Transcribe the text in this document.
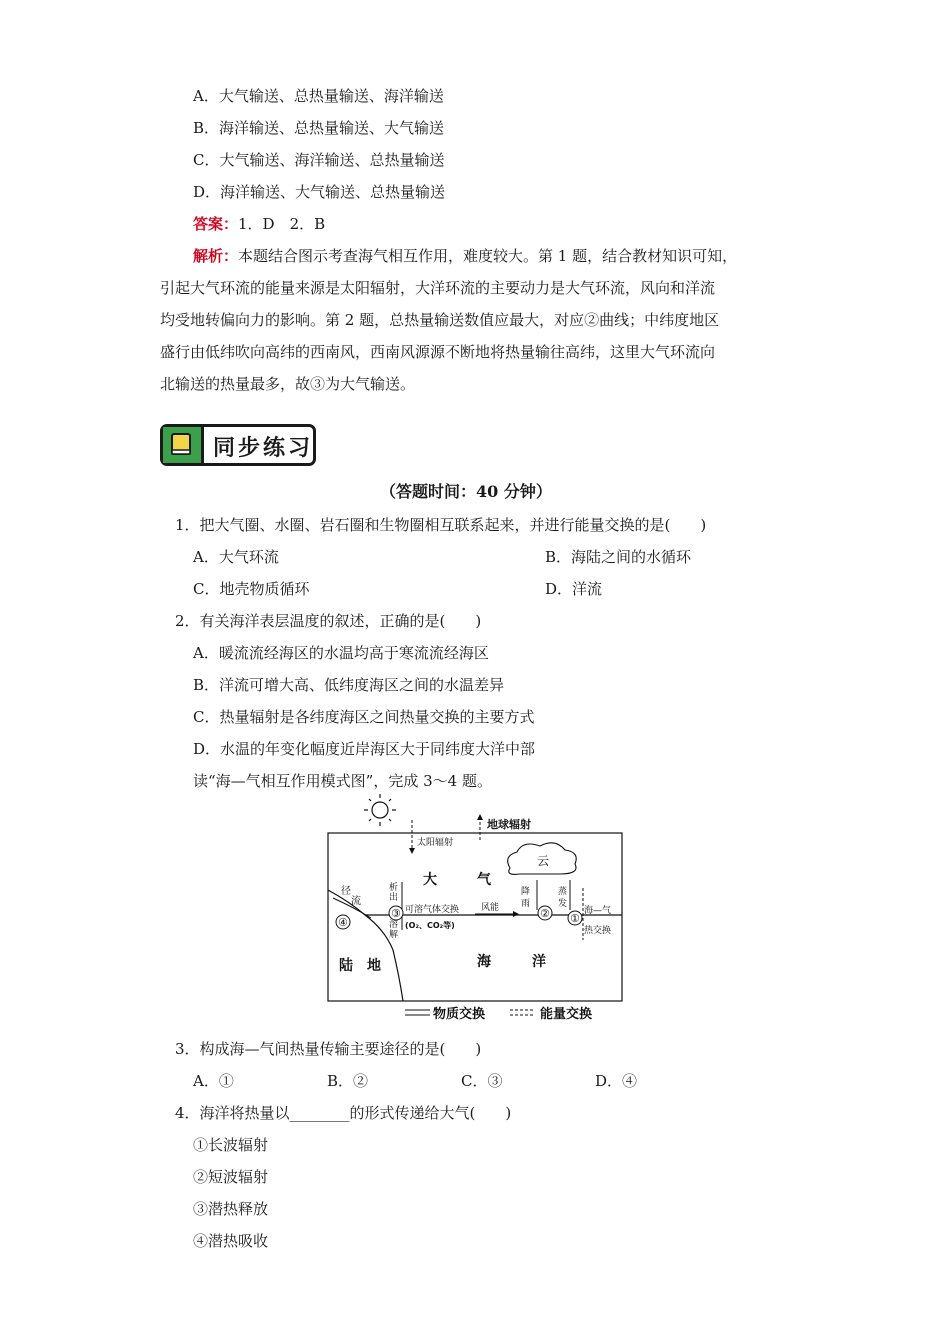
A．大气输送、总热量输送、海洋输送
B．海洋输送、总热量输送、大气输送
C．大气输送、海洋输送、总热量输送
D．海洋输送、大气输送、总热量输送
答案：1．D　2．B
解析：本题结合图示考查海气相互作用，难度较大。第 1 题，结合教材知识可知，
引起大气环流的能量来源是太阳辐射，大洋环流的主要动力是大气环流，风向和洋流
均受地转偏向力的影响。第 2 题，总热量输送数值应最大，对应②曲线；中纬度地区
盛行由低纬吹向高纬的西南风，西南风源源不断地将热量输往高纬，这里大气环流向
北输送的热量最多，故③为大气输送。
同步练习
（答题时间：40 分钟）
1．把大气圈、水圈、岩石圈和生物圈相互联系起来，并进行能量交换的是(　　)
A．大气环流	B．海陆之间的水循环
C．地壳物质循环	D．洋流
2．有关海洋表层温度的叙述，正确的是(　　)
A．暖流流经海区的水温均高于寒流流经海区
B．洋流可增大高、低纬度海区之间的水温差异
C．热量辐射是各纬度海区之间热量交换的主要方式
D．水温的年变化幅度近岸海区大于同纬度大洋中部
读“海—气相互作用模式图”，完成 3～4 题。
太阳辐射
地球辐射
云
大	气
径
流
④
析
出
溶
解
③ 可溶气体交换
(O₂、CO₂等)
风能
降
雨
②
蒸
发
①
海—气
热交换
海	洋
陆 地
物质交换	能量交换
3．构成海—气间热量传输主要途径的是(　　)
A．①	B．②	C．③	D．④
4．海洋将热量以________的形式传递给大气(　　)
①长波辐射
②短波辐射
③潜热释放
④潜热吸收
